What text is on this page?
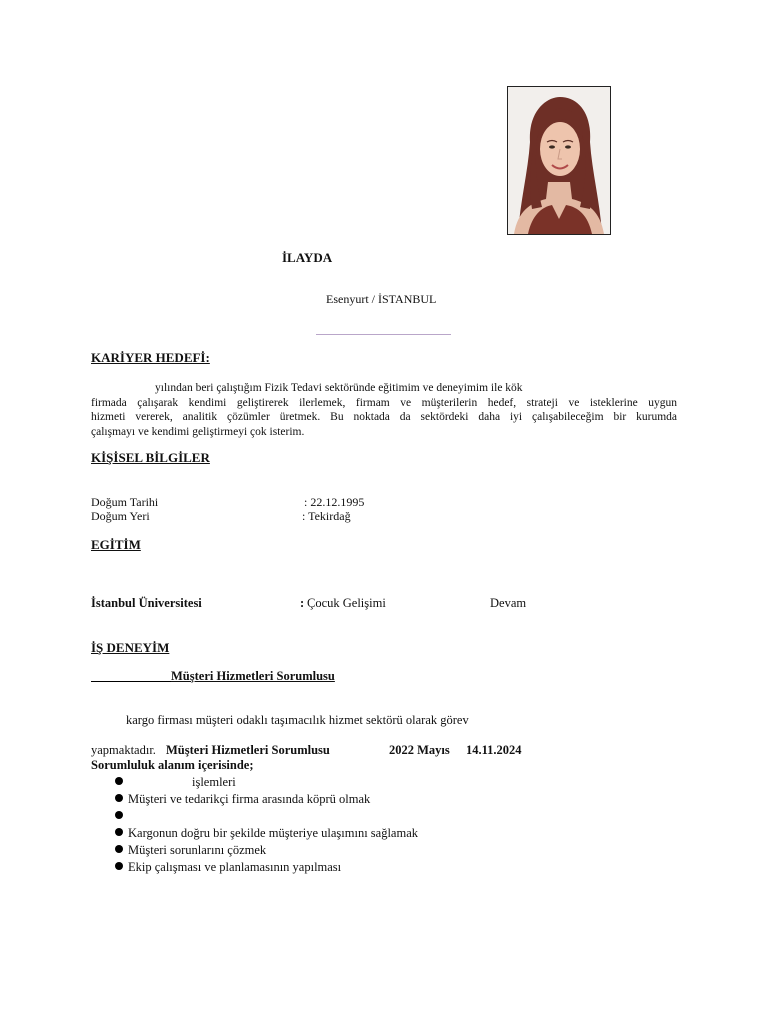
İLAYDA
Esenyurt / İSTANBUL
KARİYER HEDEFİ:
yılından beri çalıştığım Fizik Tedavi sektöründe eğitimim ve deneyimim ile kök
firmada çalışarak kendimi geliştirerek ilerlemek, firmam ve müşterilerin hedef, strateji ve isteklerine uygun
hizmeti vererek, analitik çözümler üretmek. Bu noktada da sektördeki daha iyi çalışabileceğim bir kurumda
çalışmayı ve kendimi geliştirmeyi çok isterim.
KİŞİSEL BİLGİLER
Doğum Tarihi	: 22.12.1995
Doğum Yeri	: Tekirdağ
EGİTİM
İstanbul Üniversitesi	: Çocuk Gelişimi	Devam
İŞ DENEYİM
Müşteri Hizmetleri Sorumlusu
kargo firması müşteri odaklı taşımacılık hizmet sektörü olarak görev
yapmaktadır. Müşteri Hizmetleri Sorumlusu	2022 Mayıs 14.11.2024
Sorumluluk alanım içerisinde;
işlemleri
Müşteri ve tedarikçi firma arasında köprü olmak
Kargonun doğru bir şekilde müşteriye ulaşımını sağlamak
Müşteri sorunlarını çözmek
Ekip çalışması ve planlamasının yapılması
